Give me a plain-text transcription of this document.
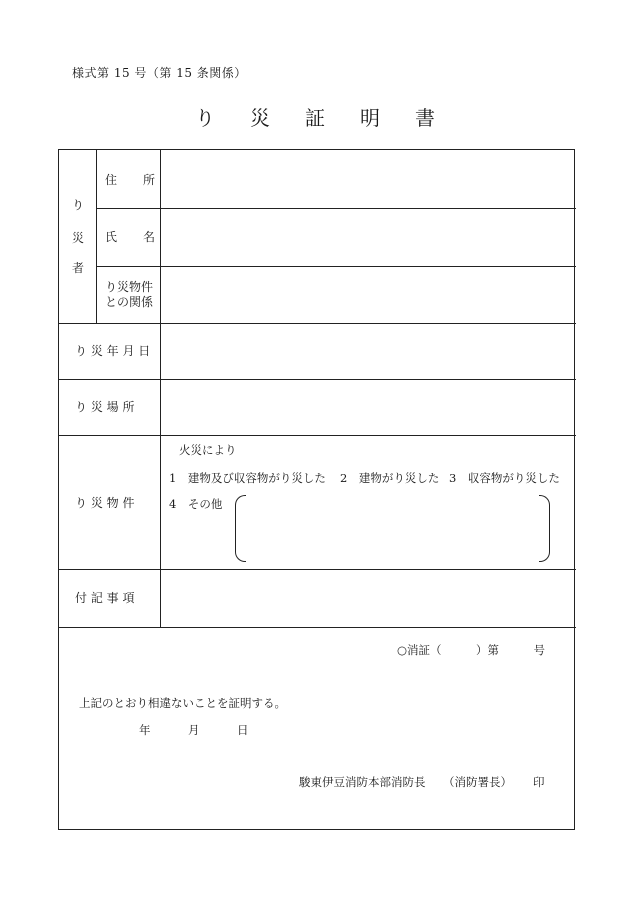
様式第 15 号（第 15 条関係）
り 災 証 明 書
り
災
者
住 所
氏 名
り災物件
との関係
り 災 年 月 日
り 災 場 所
り 災 物 件
火災により
1　建物及び収容物がり災した 2　建物がり災した 3　収容物がり災した
4　その他
付 記 事 項
○消証（　　　）第　　　号
上記のとおり相違ないことを証明する。
年	月	日
駿東伊豆消防本部消防長 （消防署長） 印
